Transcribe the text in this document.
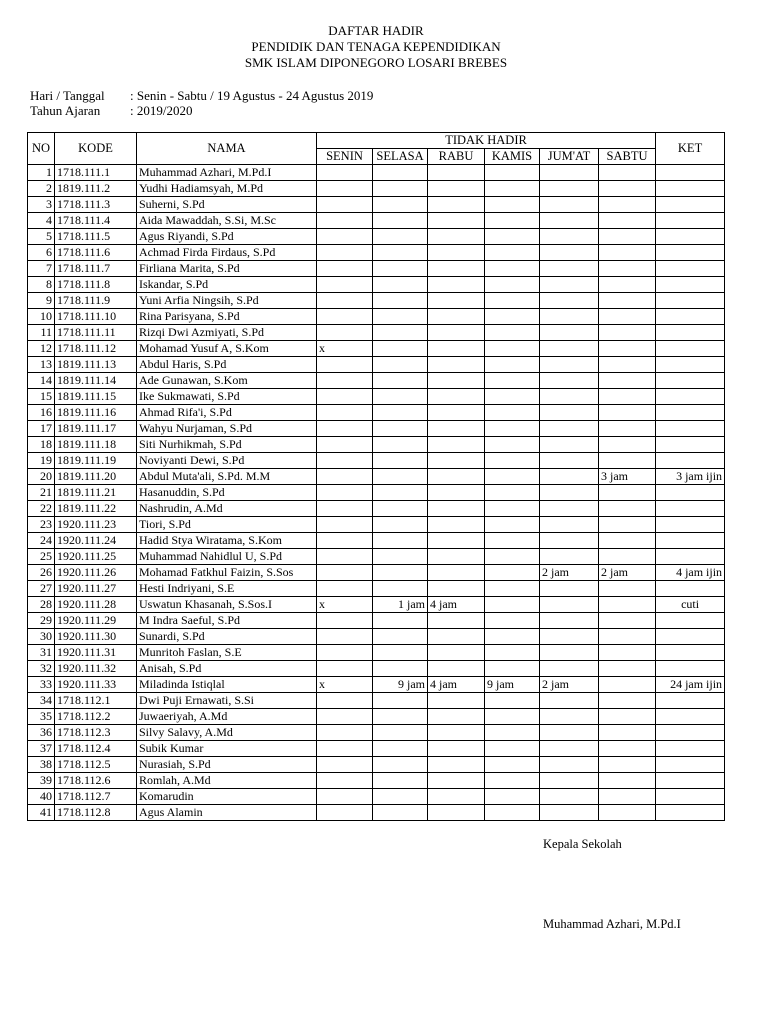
DAFTAR HADIR
PENDIDIK DAN TENAGA KEPENDIDIKAN
SMK ISLAM DIPONEGORO LOSARI BREBES
Hari / Tanggal : Senin - Sabtu / 19 Agustus - 24 Agustus 2019
Tahun Ajaran : 2019/2020
NO	KODE	NAMA	TIDAK HADIR						KET
			SENIN	SELASA	RABU	KAMIS	JUM'AT	SABTU	
1	1718.111.1	Muhammad Azhari, M.Pd.I							
2	1819.111.2	Yudhi Hadiamsyah, M.Pd							
3	1718.111.3	Suherni, S.Pd							
4	1718.111.4	Aida Mawaddah, S.Si, M.Sc							
5	1718.111.5	Agus Riyandi, S.Pd							
6	1718.111.6	Achmad Firda Firdaus, S.Pd							
7	1718.111.7	Firliana Marita, S.Pd							
8	1718.111.8	Iskandar, S.Pd							
9	1718.111.9	Yuni Arfia Ningsih, S.Pd							
10	1718.111.10	Rina Parisyana, S.Pd							
11	1718.111.11	Rizqi Dwi Azmiyati, S.Pd							
12	1718.111.12	Mohamad Yusuf A, S.Kom	x						
13	1819.111.13	Abdul Haris, S.Pd							
14	1819.111.14	Ade Gunawan, S.Kom							
15	1819.111.15	Ike Sukmawati, S.Pd							
16	1819.111.16	Ahmad Rifa'i, S.Pd							
17	1819.111.17	Wahyu Nurjaman, S.Pd							
18	1819.111.18	Siti Nurhikmah, S.Pd							
19	1819.111.19	Noviyanti Dewi, S.Pd							
20	1819.111.20	Abdul Muta'ali, S.Pd. M.M						3 jam	3 jam ijin
21	1819.111.21	Hasanuddin, S.Pd							
22	1819.111.22	Nashrudin, A.Md							
23	1920.111.23	Tiori, S.Pd							
24	1920.111.24	Hadid Stya Wiratama, S.Kom							
25	1920.111.25	Muhammad Nahidlul U, S.Pd							
26	1920.111.26	Mohamad Fatkhul Faizin, S.Sos					2 jam	2 jam	4 jam ijin
27	1920.111.27	Hesti Indriyani, S.E							
28	1920.111.28	Uswatun Khasanah, S.Sos.I	x	1 jam	4 jam				cuti
29	1920.111.29	M Indra Saeful, S.Pd							
30	1920.111.30	Sunardi, S.Pd							
31	1920.111.31	Munritoh Faslan, S.E							
32	1920.111.32	Anisah, S.Pd							
33	1920.111.33	Miladinda Istiqlal	x	9 jam	4 jam	9 jam	2 jam		24 jam ijin
34	1718.112.1	Dwi Puji Ernawati, S.Si							
35	1718.112.2	Juwaeriyah, A.Md							
36	1718.112.3	Silvy Salavy, A.Md							
37	1718.112.4	Subik Kumar							
38	1718.112.5	Nurasiah, S.Pd							
39	1718.112.6	Romlah, A.Md							
40	1718.112.7	Komarudin							
41	1718.112.8	Agus Alamin							
Kepala Sekolah
Muhammad Azhari, M.Pd.I
